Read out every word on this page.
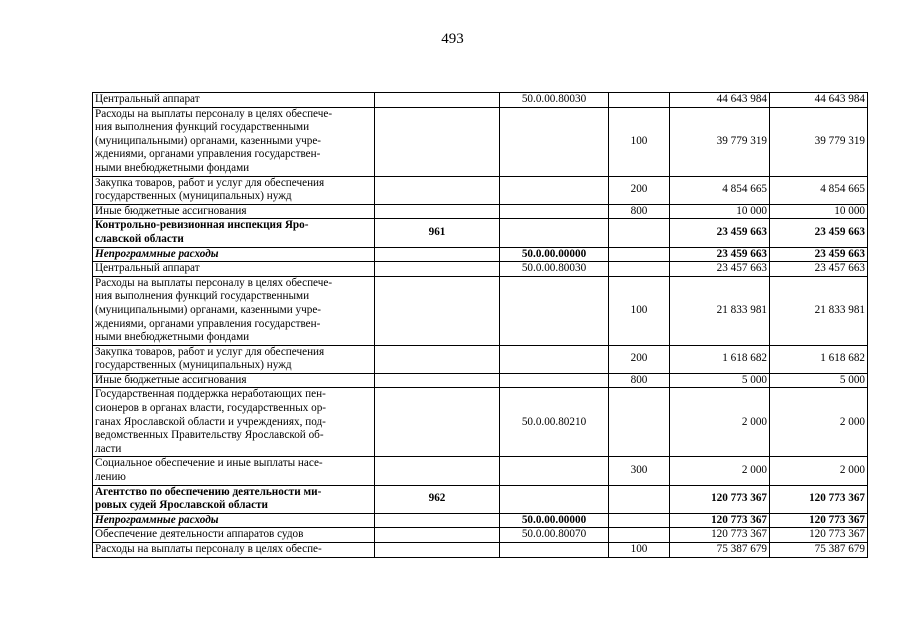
493
Центральный аппарат		50.0.00.80030		44 643 984	44 643 984
Расходы на выплаты персоналу в целях обеспече-
ния выполнения функций государственными
(муниципальными) органами, казенными учре-
ждениями, органами управления государствен-
ными внебюджетными фондами			100	39 779 319	39 779 319
Закупка товаров, работ и услуг для обеспечения
государственных (муниципальных) нужд			200	4 854 665	4 854 665
Иные бюджетные ассигнования			800	10 000	10 000
Контрольно-ревизионная инспекция Яро-
славской области	961			23 459 663	23 459 663
Непрограммные расходы		50.0.00.00000		23 459 663	23 459 663
Центральный аппарат		50.0.00.80030		23 457 663	23 457 663
Расходы на выплаты персоналу в целях обеспече-
ния выполнения функций государственными
(муниципальными) органами, казенными учре-
ждениями, органами управления государствен-
ными внебюджетными фондами			100	21 833 981	21 833 981
Закупка товаров, работ и услуг для обеспечения
государственных (муниципальных) нужд			200	1 618 682	1 618 682
Иные бюджетные ассигнования			800	5 000	5 000
Государственная поддержка неработающих пен-
сионеров в органах власти, государственных ор-
ганах Ярославской области и учреждениях, под-
ведомственных Правительству Ярославской об-
ласти		50.0.00.80210		2 000	2 000
Социальное обеспечение и иные выплаты насе-
лению			300	2 000	2 000
Агентство по обеспечению деятельности ми-
ровых судей Ярославской области	962			120 773 367	120 773 367
Непрограммные расходы		50.0.00.00000		120 773 367	120 773 367
Обеспечение деятельности аппаратов судов		50.0.00.80070		120 773 367	120 773 367
Расходы на выплаты персоналу в целях обеспе-			100	75 387 679	75 387 679
